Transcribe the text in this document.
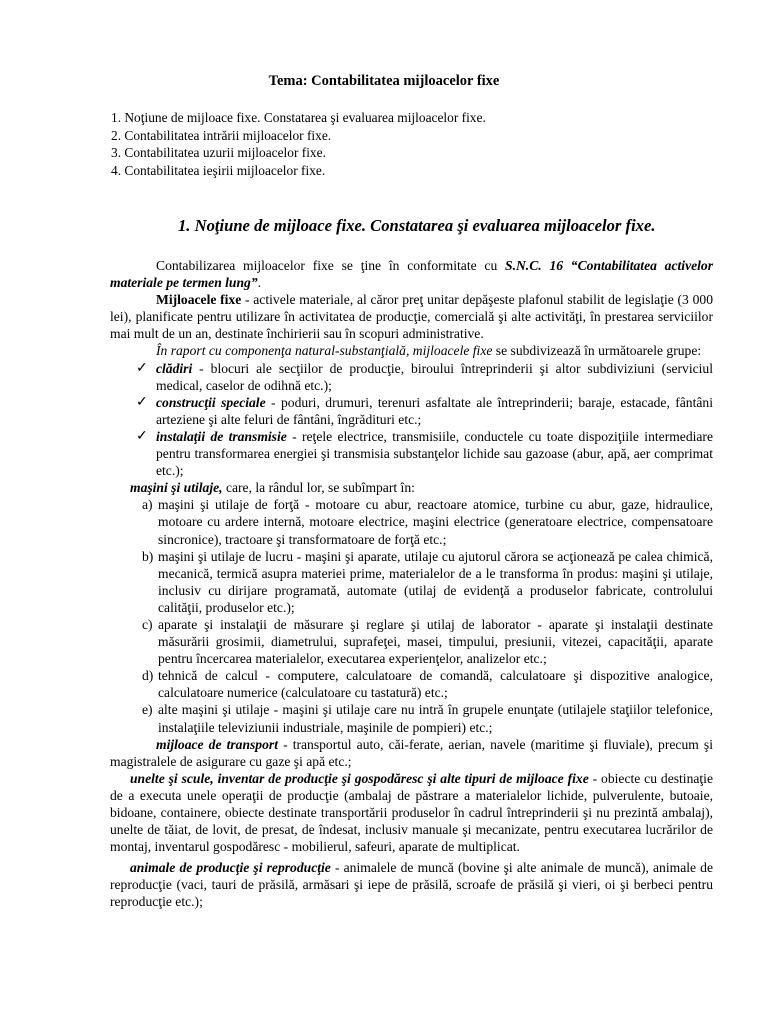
Tema: Contabilitatea mijloacelor fixe
1. Noţiune de mijloace fixe. Constatarea şi evaluarea mijloacelor fixe.
2. Contabilitatea intrării mijloacelor fixe.
3. Contabilitatea uzurii mijloacelor fixe.
4. Contabilitatea ieşirii mijloacelor fixe.
1. Noţiune de mijloace fixe. Constatarea şi evaluarea mijloacelor fixe.

Contabilizarea mijloacelor fixe se ţine în conformitate cu S.N.C. 16 “Contabilitatea activelor materiale pe termen lung”.

Mijloacele fixe - activele materiale, al căror preţ unitar depăşeste plafonul stabilit de legislaţie (3 000 lei), planificate pentru utilizare în activitatea de producţie, comercială şi alte activităţi, în prestarea serviciilor mai mult de un an, destinate închirierii sau în scopuri administrative.

În raport cu componenţa natural-substanţială, mijloacele fixe se subdivizează în următoarele grupe:

✓ clădiri - blocuri ale secţiilor de producţie, biroului întreprinderii şi altor subdiviziuni (serviciul medical, caselor de odihnă etc.);

✓ construcţii speciale - poduri, drumuri, terenuri asfaltate ale întreprinderii; baraje, estacade, fântâni arteziene şi alte feluri de fântâni, îngrădituri etc.;

✓ instalaţii de transmisie - reţele electrice, transmisiile, conductele cu toate dispoziţiile intermediare pentru transformarea energiei şi transmisia substanţelor lichide sau gazoase (abur, apă, aer comprimat etc.);

maşini şi utilaje, care, la rândul lor, se subîmpart în:

a) maşini şi utilaje de forţă - motoare cu abur, reactoare atomice, turbine cu abur, gaze, hidraulice, motoare cu ardere internă, motoare electrice, maşini electrice (generatoare electrice, compensatoare sincronice), tractoare şi transformatoare de forţă etc.;

b) maşini şi utilaje de lucru - maşini şi aparate, utilaje cu ajutorul cărora se acţionează pe calea chimică, mecanică, termică asupra materiei prime, materialelor de a le transforma în produs: maşini şi utilaje, inclusiv cu dirijare programată, automate (utilaj de evidenţă a produselor fabricate, controlului calităţii, produselor etc.);

c) aparate şi instalaţii de măsurare şi reglare şi utilaj de laborator - aparate şi instalaţii destinate măsurării grosimii, diametrului, suprafeţei, masei, timpului, presiunii, vitezei, capacităţii, aparate pentru încercarea materialelor, executarea experienţelor, analizelor etc.;

d) tehnică de calcul - computere, calculatoare de comandă, calculatoare şi dispozitive analogice, calculatoare numerice (calculatoare cu tastatură) etc.;

e) alte maşini şi utilaje - maşini şi utilaje care nu intră în grupele enunţate (utilajele staţiilor telefonice, instalaţiile televiziunii industriale, maşinile de pompieri) etc.;

mijloace de transport - transportul auto, căi-ferate, aerian, navele (maritime şi fluviale), precum şi magistralele de asigurare cu gaze şi apă etc.;

unelte şi scule, inventar de producţie şi gospodăresc şi alte tipuri de mijloace fixe - obiecte cu destinaţie de a executa unele operaţii de producţie (ambalaj de păstrare a materialelor lichide, pulverulente, butoaie, bidoane, containere, obiecte destinate transportării produselor în cadrul întreprinderii şi nu prezintă ambalaj), unelte de tăiat, de lovit, de presat, de îndesat, inclusiv manuale şi mecanizate, pentru executarea lucrărilor de montaj, inventarul gospodăresc - mobilierul, safeuri, aparate de multiplicat.

animale de producţie şi reproducţie - animalele de muncă (bovine şi alte animale de muncă), animale de reproducţie (vaci, tauri de prăsilă, armăsari şi iepe de prăsilă, scroafe de prăsilă şi vieri, oi şi berbeci pentru reproducţie etc.);
